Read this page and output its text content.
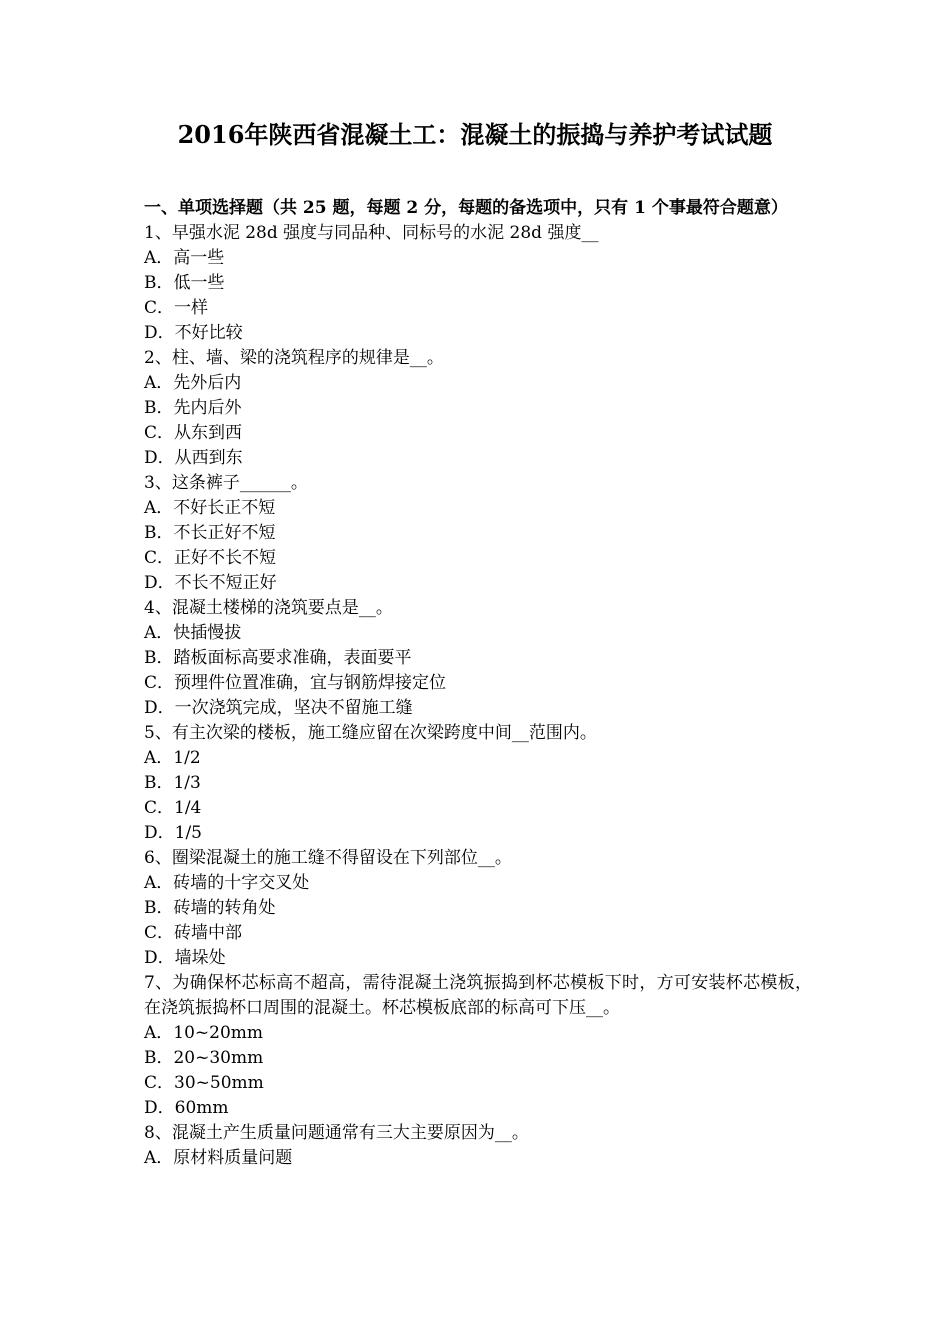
2016年陕西省混凝土工：混凝土的振捣与养护考试试题
一、单项选择题（共 25 题，每题 2 分，每题的备选项中，只有 1 个事最符合题意）
1、早强水泥 28d 强度与同品种、同标号的水泥 28d 强度__
A．高一些
B．低一些
C．一样
D．不好比较
2、柱、墙、梁的浇筑程序的规律是__。
A．先外后内
B．先内后外
C．从东到西
D．从西到东
3、这条裤子______。
A．不好长正不短
B．不长正好不短
C．正好不长不短
D．不长不短正好
4、混凝土楼梯的浇筑要点是__。
A．快插慢拔
B．踏板面标高要求准确，表面要平
C．预埋件位置准确，宜与钢筋焊接定位
D．一次浇筑完成，坚决不留施工缝
5、有主次梁的楼板，施工缝应留在次梁跨度中间__范围内。
A．1/2
B．1/3
C．1/4
D．1/5
6、圈梁混凝土的施工缝不得留设在下列部位__。
A．砖墙的十字交叉处
B．砖墙的转角处
C．砖墙中部
D．墙垛处
7、为确保杯芯标高不超高，需待混凝土浇筑振捣到杯芯模板下时，方可安装杯芯模板，在浇筑振捣杯口周围的混凝土。杯芯模板底部的标高可下压__。
A．10~20mm
B．20~30mm
C．30~50mm
D．60mm
8、混凝土产生质量问题通常有三大主要原因为__。
A．原材料质量问题
